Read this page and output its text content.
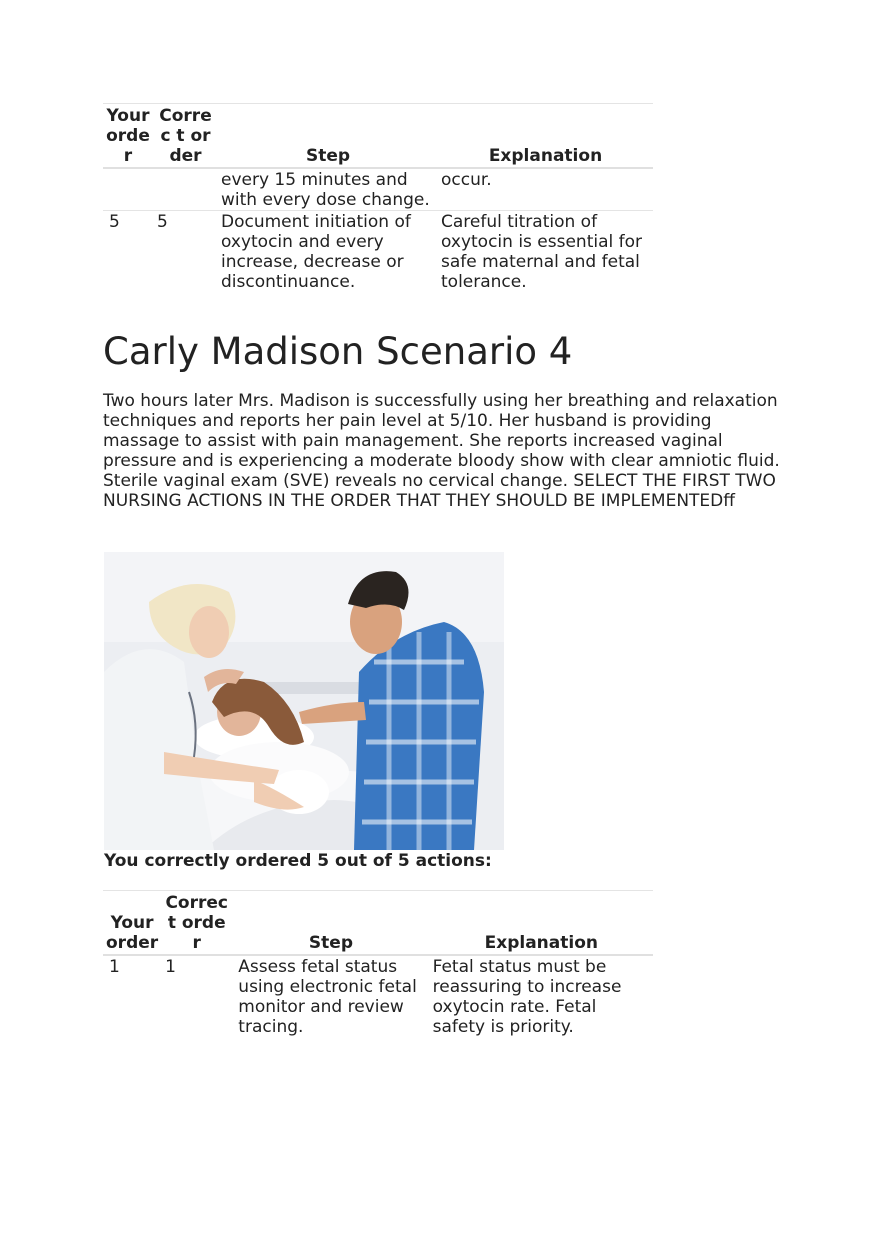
Your orde r	Correc t order	Step	Explanation
		every 15 minutes and with every dose change.	occur.
5	5	Document initiation of oxytocin and every increase, decrease or discontinuance.	Careful titration of oxytocin is essential for safe maternal and fetal tolerance.
Carly Madison Scenario 4

Two hours later Mrs. Madison is successfully using her breathing and relaxation techniques and reports her pain level at 5/10. Her husband is providing massage to assist with pain management. She reports increased vaginal pressure and is experiencing a moderate bloody show with clear amniotic fluid. Sterile vaginal exam (SVE) reveals no cervical change. SELECT THE FIRST TWO NURSING ACTIONS IN THE ORDER THAT THEY SHOULD BE IMPLEMENTEDff

You correctly ordered 5 out of 5 actions:
Your order	Correc t order	Step	Explanation
1	1	Assess fetal status using electronic fetal monitor and review tracing.	Fetal status must be reassuring to increase oxytocin rate. Fetal safety is priority.
